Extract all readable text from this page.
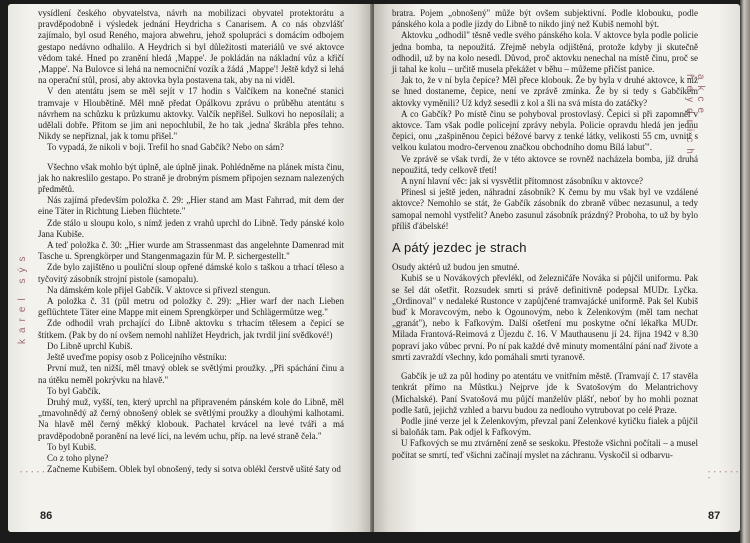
karel sýs

vysídlení českého obyvatelstva, návrh na mobilizaci obyvatel protektorátu a pravděpodobně i výsledek jednání Heydricha s Canarisem. A co nás obzvlášť zajímalo, byl osud Reného, majora abwehru, jehož spolupráci s domácím odbojem gestapo nedávno odhalilo. A Heydrich si byl důležitosti materiálů ve své aktovce vědom také. Hned po zranění hledá ‚Mappe'. Je pokládán na nákladní vůz a křičí ‚Mappe'. Na Bulovce si lehá na nemocniční vozík a žádá ‚Mappe'! Ještě když si lehá na operační stůl, prosí, aby aktovka byla postavena tak, aby na ni viděl.

V den atentátu jsem se měl sejít v 17 hodin s Valčíkem na konečné stanici tramvaje v Hloubětíně. Měl mně předat Opálkovu zprávu o průběhu atentátu s návrhem na schůzku k průzkumu aktovky. Valčík nepřišel. Sulkovi ho neposílali; a udělali dobře. Přitom se jim ani nepochlubil, že ho tak ‚jedna' škrábla přes tehno. Nikdy se nepřiznal, jak k tomu přišel."

To vypadá, že nikoli v boji. Trefil ho snad Gabčík? Nebo on sám?

Všechno však mohlo být úplně, ale úplně jinak. Pohlédněme na plánek místa činu, jak ho nakreslilo gestapo. Po straně je drobným písmem připojen seznam nalezených předmětů.

Nás zajímá především položka č. 29: „Hier stand am Mast Fahrrad, mit dem der eine Täter in Richtung Lieben flüchtete."

Zde stálo u sloupu kolo, s nímž jeden z vrahů uprchl do Libně. Tedy pánské kolo Jana Kubiše.

A teď položka č. 30: „Hier wurde am Strassenmast das angelehnte Damenrad mit Tasche u. Sprengkörper und Stangenmagazin für M. P. sichergestellt."

Zde bylo zajištěno u pouliční sloup opřené dámské kolo s taškou a trhací těleso a tyčovitý zásobník strojní pistole (samopalu).

Na dámském kole přijel Gabčík. V aktovce si přivezl stengun.

A položka č. 31 (půl metru od položky č. 29): „Hier warf der nach Lieben geflüchtete Täter eine Mappe mit einem Sprengkörper und Schlägermütze weg."

Zde odhodil vrah prchající do Libně aktovku s trhacím tělesem a čepicí se štítkem. (Pak by do ní ovšem nemohl nahlížet Heydrich, jak tvrdil jiní svědkové!)

Do Libně uprchl Kubiš.

Ještě uveďme popisy osob z Policejního věstníku:

První muž, ten nižší, měl tmavý oblek se světlými proužky. „Při spáchání činu a na útěku neměl pokrývku na hlavě."

To byl Gabčík.

Druhý muž, vyšší, ten, který uprchl na připraveném pánském kole do Libně, měl „tmavohnědý až černý obnošený oblek se světlými proužky a dlouhými kalhotami. Na hlavě měl černý měkký klobouk. Pachatel krvácel na levé tváři a má pravděpodobně poranění na levé líci, na levém uchu, příp. na levé straně čela."

To byl Kubiš.

Co z toho plyne?

Začneme Kubišem. Oblek byl obnošený, tedy si sotva oblékl čerstvě ušité šaty od

• • • • • • •
86
akce heydrich

bratra. Pojem „obnošený" může být ovšem subjektivní. Podle klobouku, podle pánského kola a podle jízdy do Libně to nikdo jiný než Kubiš nemohl být.

Aktovku „odhodil" těsně vedle svého pánského kola. V aktovce byla podle policie jedna bomba, ta nepoužitá. Zřejmě nebyla odjištěná, protože kdyby ji skutečně odhodil, už by na kolo nesedl. Důvod, proč aktovku nenechal na místě činu, proč se ji tahal ke kolu – určitě musela překážet v běhu – můžeme přičíst panice.

Jak to, že v ní byla čepice? Měl přece klobouk. Že by byla v druhé aktovce, k níž se hned dostaneme, čepice, není ve zprávě zmínka. Že by si tedy s Gabčíkem aktovky vyměnili? Už když sesedli z kol a šli na svá místa do zatáčky?

A co Gabčík? Po místě činu se pohyboval prostovlasý. Čepici si při zapomněl v aktovce. Tam však podle policejní zprávy nebyla. Policie opravdu hledá jen jednu čepici, onu „zašpiněnou čepici béžové barvy z tenké látky, velikosti 55 cm, uvnitř s velkou kulatou modro-červenou značkou obchodního domu Bílá labuť".

Ve zprávě se však tvrdí, že v této aktovce se rovněž nacházela bomba, jíž druhá nepoužitá, tedy celkově třetí!

A nyní hlavní věc: jak si vysvětlit přítomnost zásobníku v aktovce?

Přinesl si ještě jeden, náhradní zásobník? K čemu by mu však byl ve vzdálené aktovce? Nemohlo se stát, že Gabčík zásobník do zbraně vůbec nezasunul, a tedy samopal nemohl vystřelit? Anebo zasunul zásobník prázdný? Proboha, to už by bylo příliš ďábelské!

A pátý jezdec je strach

Osudy aktérů už budou jen smutné.

Kubiš se u Novákových převlékl, od železničáře Nováka si půjčil uniformu. Pak se šel dát ošetřit. Rozsudek smrti si právě definitivně podepsal MUDr. Lyčka. „Ordinoval" v nedaleké Rustonce v zapůjčené tramvajácké uniformě. Pak šel Kubiš buď k Moravcovým, nebo k Ogounovým, nebo k Zelenkovým (měl tam nechat „granát"), nebo k Fafkovým. Další ošetření mu poskytne oční lékařka MUDr. Milada Frantová-Reimová z Újezdu č. 16. V Mauthausenu jí 24. října 1942 v 8.30 popraví jako vůbec první. Po ní pak každé dvě minuty momentální pání naď živote a smrtí zavraždí všechny, kdo pomáhali smrti tyranově.

Gabčík je už za půl hodiny po atentátu ve vnitřním městě. (Tramvají č. 17 stavěla tenkrát přímo na Můstku.) Nejprve jde k Svatošovým do Melantrichovy (Michalské). Paní Svatošová mu půjčí manželův plášť, neboť by ho mohli poznat podle šatů, jejichž vzhled a barvu budou za nedlouho vytrubovat po celé Praze.

Podle jiné verze jel k Zelenkovým, převzal paní Zelenkové kytičku fialek a půjčil si baloňák tam. Pak odjel k Fafkovým.

U Fafkových se mu ztvárnění zeně se seskoku. Přestože všichni počítali – a musel počítat se smrtí, teď všichni začínají myslet na záchranu. Vyskočil si odbarvu-

• • • • • • •
87
